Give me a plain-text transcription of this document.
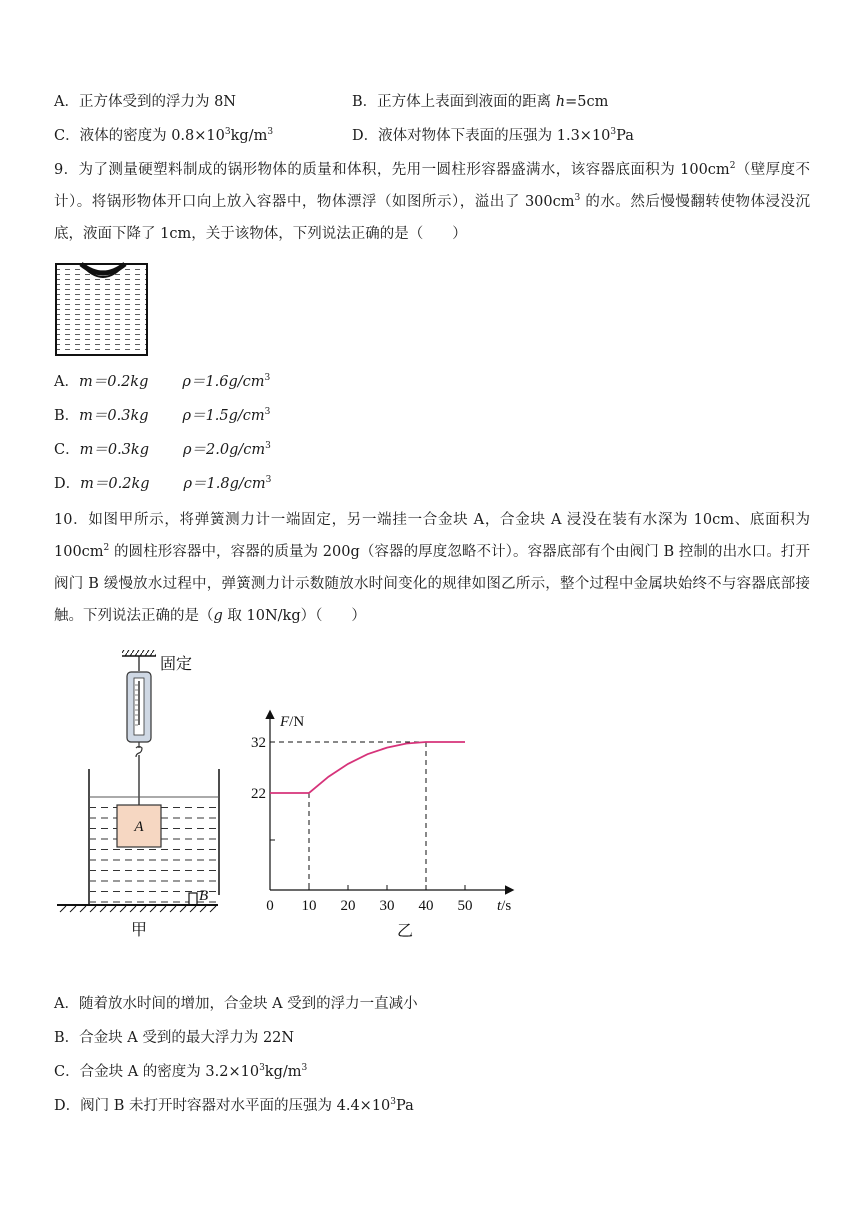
A．正方体受到的浮力为 8N	B．正方体上表面到液面的距离 h=5cm
C．液体的密度为 $0.8\times 10^3kg/m^3$	D．液体对物体下表面的压强为 $1.3\times 10^3Pa$
9．为了测量硬塑料制成的锅形物体的质量和体积，先用一圆柱形容器盛满水，该容器底面积为 $100cm^2$（壁厚度不计）。将锅形物体开口向上放入容器中，物体漂浮（如图所示），溢出了 $300cm^3$ 的水。然后慢慢翻转使物体浸没沉底，液面下降了 1cm，关于该物体，下列说法正确的是（　　）
A．m＝0.2kg $\rho=1.6g/cm^3$
B．m＝0.3kg $\rho=1.5g/cm^3$
C．m＝0.3kg $\rho=2.0g/cm^3$
D．m＝0.2kg $\rho=1.8g/cm^3$
10．如图甲所示，将弹簧测力计一端固定，另一端挂一合金块 A，合金块 A 浸没在装有水深为 10cm、底面积为 $100cm^2$ 的圆柱形容器中，容器的质量为 200g（容器的厚度忽略不计）。容器底部有个由阀门 B 控制的出水口。打开阀门 B 缓慢放水过程中，弹簧测力计示数随放水时间变化的规律如图乙所示，整个过程中金属块始终不与容器底部接触。下列说法正确的是（g 取 10N/kg）（　　）
固定
A
B
甲
F/N
t/s
0 10 20 30 40 50
22
32
乙
A．随着放水时间的增加，合金块 A 受到的浮力一直减小
B．合金块 A 受到的最大浮力为 22N
C．合金块 A 的密度为 $3.2\times 10^3kg/m^3$
D．阀门 B 未打开时容器对水平面的压强为 $4.4\times 10^3Pa$
